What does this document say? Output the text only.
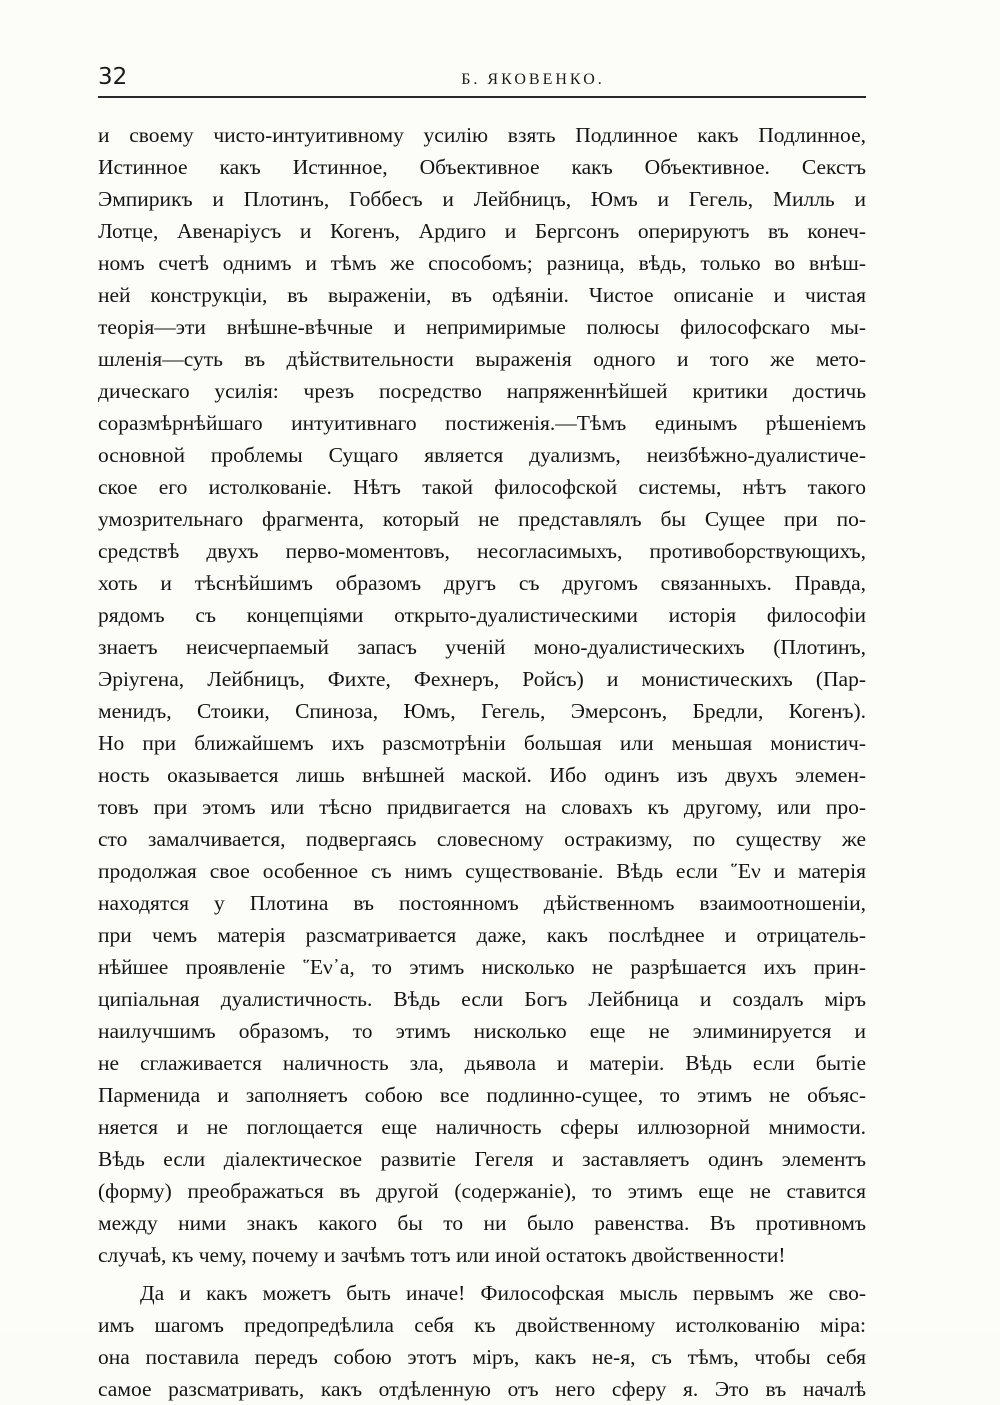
32	Б. ЯКОВЕНКО.
и своему чисто-интуитивному усилію взять Подлинное какъ Подлинное,
Истинное какъ Истинное, Объективное какъ Объективное. Секстъ
Эмпирикъ и Плотинъ, Гоббесъ и Лейбницъ, Юмъ и Гегель, Милль и
Лотце, Авенаріусъ и Когенъ, Ардиго и Бергсонъ оперируютъ въ конеч-
номъ счетѣ однимъ и тѣмъ же способомъ; разница, вѣдь, только во внѣш-
ней конструкціи, въ выраженіи, въ одѣяніи. Чистое описаніе и чистая
теорія—эти внѣшне-вѣчные и непримиримые полюсы философскаго мы-
шленія—суть въ дѣйствительности выраженія одного и того же мето-
дическаго усилія: чрезъ посредство напряженнѣйшей критики достичь
соразмѣрнѣйшаго интуитивнаго постиженія.—Тѣмъ единымъ рѣшеніемъ
основной проблемы Сущаго является дуализмъ, неизбѣжно-дуалистиче-
ское его истолкованіе. Нѣтъ такой философской системы, нѣтъ такого
умозрительнаго фрагмента, который не представлялъ бы Сущее при по-
средствѣ двухъ перво-моментовъ, несогласимыхъ, противоборствующихъ,
хоть и тѣснѣйшимъ образомъ другъ съ другомъ связанныхъ. Правда,
рядомъ съ концепціями открыто-дуалистическими исторія философіи
знаетъ неисчерпаемый запасъ ученій моно-дуалистическихъ (Плотинъ,
Эріугена, Лейбницъ, Фихте, Фехнеръ, Ройсъ) и монистическихъ (Пар-
менидъ, Стоики, Спиноза, Юмъ, Гегель, Эмерсонъ, Бредли, Когенъ).
Но при ближайшемъ ихъ разсмотрѣніи большая или меньшая монистич-
ность оказывается лишь внѣшней маской. Ибо одинъ изъ двухъ элемен-
товъ при этомъ или тѣсно придвигается на словахъ къ другому, или про-
сто замалчивается, подвергаясь словесному остракизму, по существу же
продолжая свое особенное съ нимъ существованіе. Вѣдь если ῞Εν и матерія
находятся у Плотина въ постоянномъ дѣйственномъ взаимоотношеніи,
при чемъ матерія разсматривается даже, какъ послѣднее и отрицатель-
нѣйшее проявленіе ῞Εν᾽а, то этимъ нисколько не разрѣшается ихъ прин-
ципіальная дуалистичность. Вѣдь если Богъ Лейбница и создалъ міръ
наилучшимъ образомъ, то этимъ нисколько еще не элиминируется и
не сглаживается наличность зла, дьявола и матеріи. Вѣдь если бытіе
Парменида и заполняетъ собою все подлинно-сущее, то этимъ не объяс-
няется и не поглощается еще наличность сферы иллюзорной мнимости.
Вѣдь если діалектическое развитіе Гегеля и заставляетъ одинъ элементъ
(форму) преображаться въ другой (содержаніе), то этимъ еще не ставится
между ними знакъ какого бы то ни было равенства. Въ противномъ
случаѣ, къ чему, почему и зачѣмъ тотъ или иной остатокъ двойственности!
Да и какъ можетъ быть иначе! Философская мысль первымъ же сво-
имъ шагомъ предопредѣлила себя къ двойственному истолкованію міра:
она поставила передъ собою этотъ міръ, какъ не-я, съ тѣмъ, чтобы себя
самое разсматривать, какъ отдѣленную отъ него сферу я. Это въ началѣ
